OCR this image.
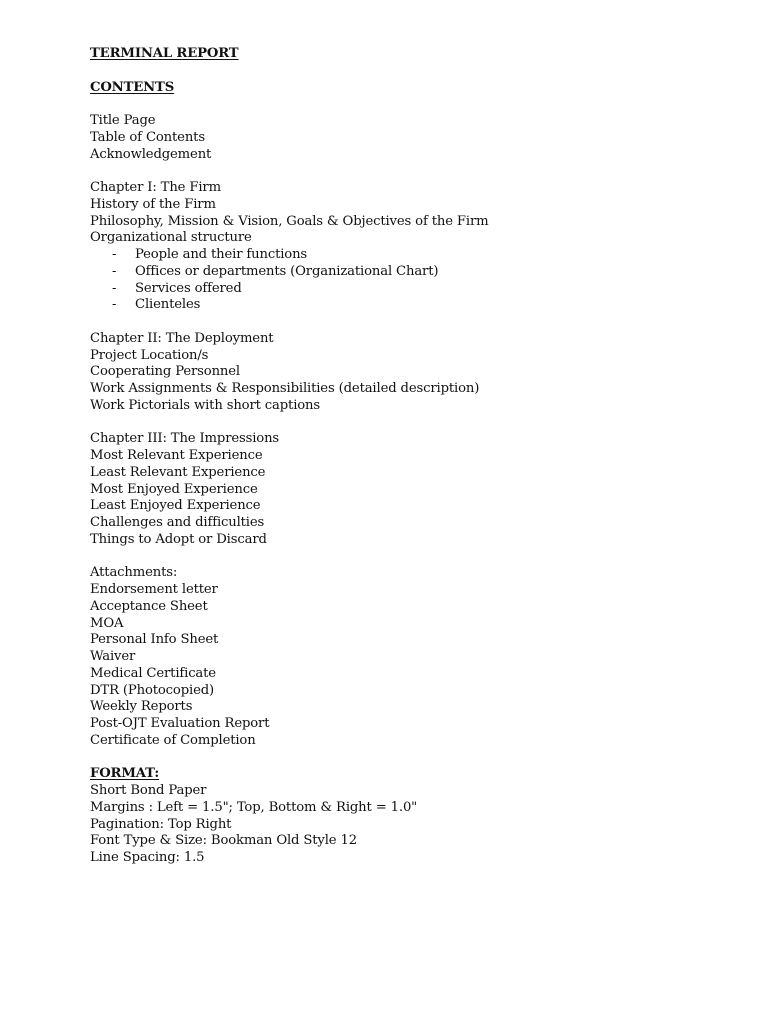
TERMINAL REPORT
CONTENTS
Title Page
Table of Contents
Acknowledgement
Chapter I: The Firm
History of the Firm
Philosophy, Mission & Vision, Goals & Objectives of the Firm
Organizational structure
- People and their functions
- Offices or departments (Organizational Chart)
- Services offered
- Clienteles
Chapter II: The Deployment
Project Location/s
Cooperating Personnel
Work Assignments & Responsibilities (detailed description)
Work Pictorials with short captions
Chapter III: The Impressions
Most Relevant Experience
Least Relevant Experience
Most Enjoyed Experience
Least Enjoyed Experience
Challenges and difficulties
Things to Adopt or Discard
Attachments:
Endorsement letter
Acceptance Sheet
MOA
Personal Info Sheet
Waiver
Medical Certificate
DTR (Photocopied)
Weekly Reports
Post-OJT Evaluation Report
Certificate of Completion
FORMAT:
Short Bond Paper
Margins : Left = 1.5"; Top, Bottom & Right = 1.0"
Pagination: Top Right
Font Type & Size: Bookman Old Style 12
Line Spacing: 1.5
